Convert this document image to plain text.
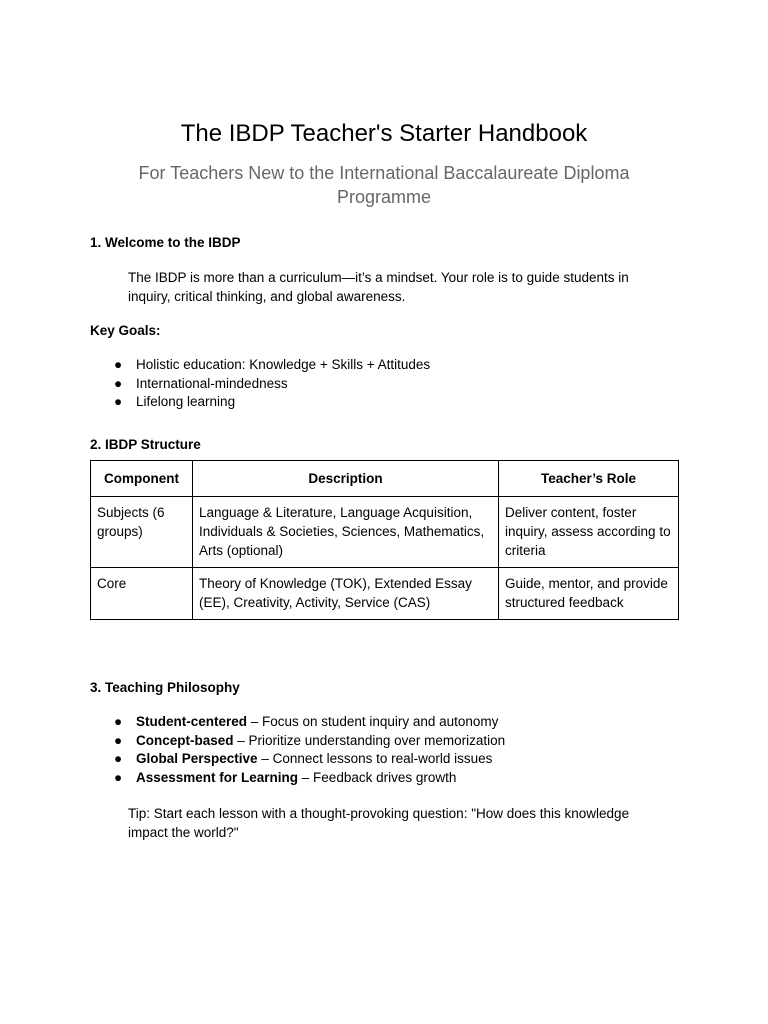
The IBDP Teacher's Starter Handbook
For Teachers New to the International Baccalaureate Diploma Programme
1. Welcome to the IBDP
The IBDP is more than a curriculum—it’s a mindset. Your role is to guide students in inquiry, critical thinking, and global awareness.
Key Goals:
● Holistic education: Knowledge + Skills + Attitudes
● International-mindedness
● Lifelong learning
2. IBDP Structure
Component	Description	Teacher’s Role
Subjects (6 groups)	Language & Literature, Language Acquisition, Individuals & Societies, Sciences, Mathematics, Arts (optional)	Deliver content, foster inquiry, assess according to criteria
Core	Theory of Knowledge (TOK), Extended Essay (EE), Creativity, Activity, Service (CAS)	Guide, mentor, and provide structured feedback
3. Teaching Philosophy
● Student-centered – Focus on student inquiry and autonomy
● Concept-based – Prioritize understanding over memorization
● Global Perspective – Connect lessons to real-world issues
● Assessment for Learning – Feedback drives growth
Tip: Start each lesson with a thought-provoking question: "How does this knowledge impact the world?"
